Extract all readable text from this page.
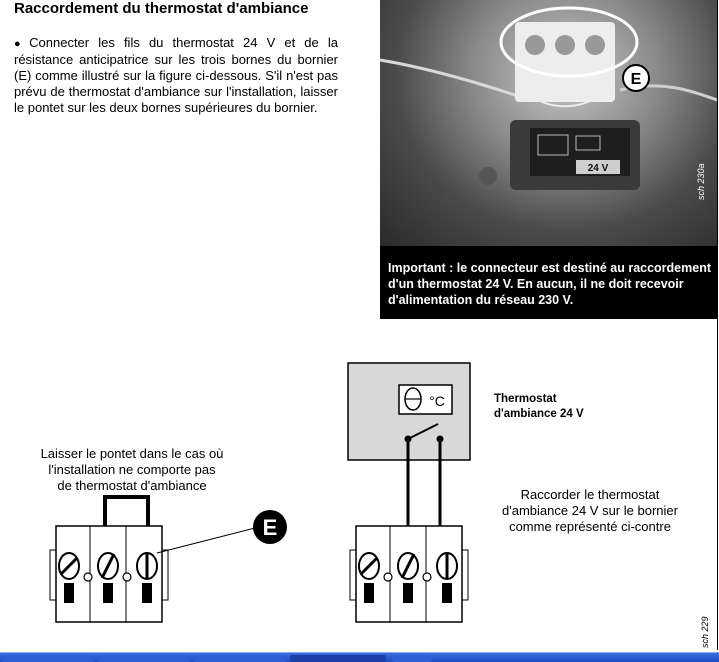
Raccordement du thermostat d'ambiance

● Connecter les fils du thermostat 24 V et de la résistance anticipatrice sur les trois bornes du bornier (E) comme illustré sur la figure ci-dessous. S'il n'est pas prévu de thermostat d'ambiance sur l'installation, laisser le pontet sur les deux bornes supérieures du bornier.

24 V
E
sch 230a

Important : le connecteur est destiné au raccordement d'un thermostat 24 V. En aucun, il ne doit recevoir d'alimentation du réseau 230 V.

Laisser le pontet dans le cas où
l'installation ne comporte pas
de thermostat d'ambiance
Thermostat
d'ambiance 24 V
Raccorder le thermostat
d'ambiance 24 V sur le bornier
comme représenté ci-contre
E
°C
sch 229
